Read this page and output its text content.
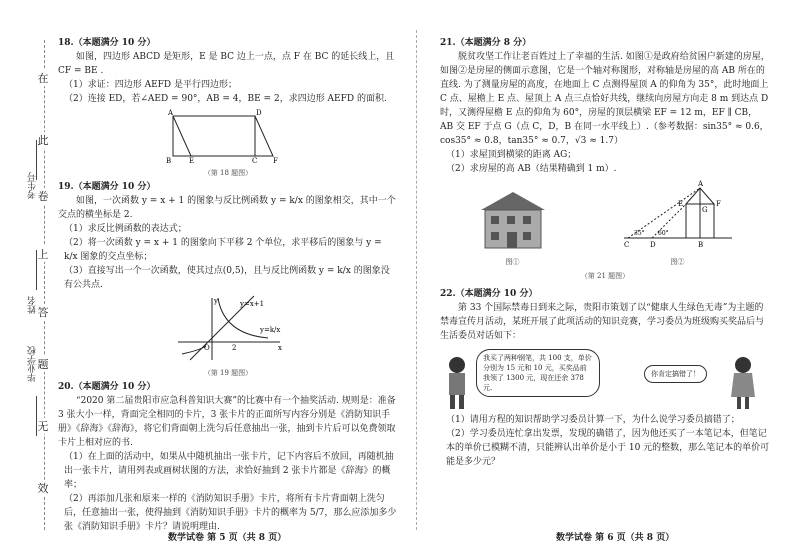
在
此
卷
上
答
题
无
效
考生号
姓名
毕业学校

18.（本题满分 10 分）

如图，四边形 ABCD 是矩形，E 是 BC 边上一点，点 F 在 BC 的延长线上，且 CF = BE .

（1）求证：四边形 AEFD 是平行四边形；

（2）连接 ED，若∠AED = 90°，AB = 4，BE = 2，求四边形 AEFD 的面积.

A	D
B	E	C F

（第 18 题图）

19.（本题满分 10 分）

如图，一次函数 y = x + 1 的图象与反比例函数 y = k/x 的图象相交，其中一个交点的横坐标是 2.

（1）求反比例函数的表达式；

（2）将一次函数 y = x + 1 的图象向下平移 2 个单位，求平移后的图象与 y = k/x 图象的交点坐标；

（3）直接写出一个一次函数，使其过点(0,5)，且与反比例函数 y = k/x 的图象没有公共点.

y	y=x+1
y=k/x
O	2	x

（第 19 题图）

20.（本题满分 10 分）

“2020 第二届贵阳市应急科普知识大赛”的比赛中有一个抽奖活动. 规则是：准备 3 张大小一样，背面完全相同的卡片，3 张卡片的正面所写内容分别是《消防知识手册》《辞海》《辞海》，将它们背面朝上洗匀后任意抽出一张，抽到卡片后可以免费领取卡片上相对应的书.

（1）在上面的活动中，如果从中随机抽出一张卡片，记下内容后不放回，再随机抽出一张卡片，请用列表或画树状图的方法，求恰好抽到 2 张卡片都是《辞海》的概率；

（2）再添加几张和原来一样的《消防知识手册》卡片，将所有卡片背面朝上洗匀后，任意抽出一张，使得抽到《消防知识手册》卡片的概率为 5/7，那么应添加多少张《消防知识手册》卡片？请说明理由.

数学试卷 第 5 页（共 8 页）

21.（本题满分 8 分）

脱贫攻坚工作让老百姓过上了幸福的生活. 如图①是政府给贫困户新建的房屋，如图②是房屋的侧面示意图，它是一个轴对称图形，对称轴是房屋的高 AB 所在的直线. 为了测量房屋的高度，在地面上 C 点测得屋顶 A 的仰角为 35°，此时地面上 C 点、屋檐上 E 点、屋顶上 A 点三点恰好共线，继续向房屋方向走 8 m 到达点 D 时，又测得屋檐 E 点的仰角为 60°，房屋的顶层横梁 EF = 12 m，EF ∥ CB，AB 交 EF 于点 G（点 C，D，B 在同一水平线上）.（参考数据：sin35° ≈ 0.6，cos35° ≈ 0.8，tan35° ≈ 0.7，√3 ≈ 1.7）

（1）求屋顶到横梁的距离 AG；

（2）求房屋的高 AB（结果精确到 1 m）.

图①

A
E	F
G
C	D	B
35° 60°

图②

（第 21 题图）

22.（本题满分 10 分）

第 33 个国际禁毒日到来之际，贵阳市策划了以“健康人生绿色无毒”为主题的禁毒宣传月活动，某班开展了此项活动的知识竞赛，学习委员为班级购买奖品后与生活委员对话如下：

我买了两种钢笔，共 100 支，单价分别为 15 元和 10 元，买奖品前我领了 1300 元，现在还余 378 元.
你肯定搞错了！

（1）请用方程的知识帮助学习委员计算一下，为什么说学习委员搞错了；

（2）学习委员连忙拿出发票，发现的确错了，因为他还买了一本笔记本，但笔记本的单价已模糊不清，只能辨认出单价是小于 10 元的整数，那么笔记本的单价可能是多少元？

数学试卷 第 6 页（共 8 页）
